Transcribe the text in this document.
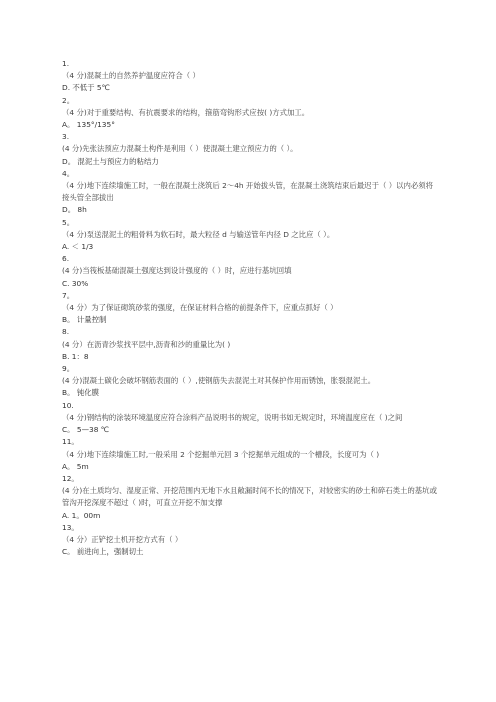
1.
（4 分)混凝土的自然养护温度应符合（ ）
D. 不低于 5℃
2。
（4 分)对于重要结构、有抗震要求的结构，箍筋弯钩形式应按( )方式加工。
A。 135°/135°
3.
(4 分)先张法预应力混凝土构件是利用（ ）使混凝土建立预应力的（ ）。
D。 混泥土与预应力的粘结力
4。
（4 分)地下连续墙施工时，一般在混凝土浇筑后 2～4h 开始拔头管，在混凝土浇筑结束后最迟于（ ）以内必须将接头管全部拔出
D。 8h
5。
（4 分)泵送混泥土的粗骨料为软石时，最大粒径 d 与输送管年内径 D 之比应（ ）。
A. ＜ 1/3
6.
(4 分)当筏板基础混凝土强度达到设计强度的（ ）时，应进行基坑回填
C. 30%
7。
（4 分）为了保证砌筑砂浆的强度，在保证材料合格的前提条件下，应重点抓好（ ）
B。 计量控制
8.
(4 分）在沥青沙浆找平层中,沥青和沙的重量比为( )
B. 1：8
9。
(4 分)混凝土碳化会破坏钢筋表面的（ ）,使钢筋失去混泥土对其保护作用而锈蚀，胀裂混泥土。
B。 钝化膜
10.
（4 分)钢结构的涂装环境温度应符合涂料产品说明书的规定，说明书如无规定时，环境温度应在（ )之间
C。 5—38 ℃
11。
（4 分)地下连续墙施工时,一般采用 2 个挖掘单元回 3 个挖掘单元组成的一个槽段，长度可为（ )
A。 5m
12。
(4 分)在土质均匀、湿度正常、开挖范围内无地下水且敞漏时间不长的情况下，对较密实的砂土和碎石类土的基坑或管沟开挖深度不超过（ )时，可直立开挖不加支撑
A. 1。00m
13。
（4 分）正铲挖土机开挖方式有（ ）
C。 前进向上，强制切土
